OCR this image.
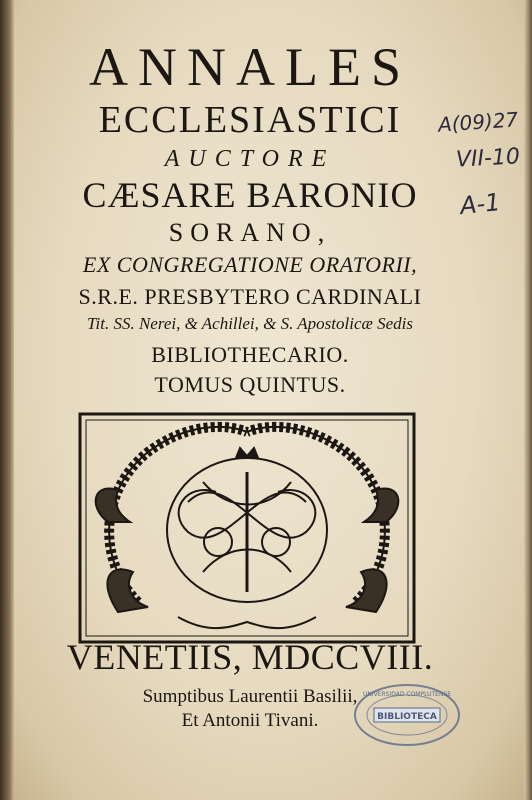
ANNALES
ECCLESIASTICI
AUCTORE
CÆSARE BARONIO
SORANO,
EX CONGREGATIONE ORATORII,
S.R.E. PRESBYTERO CARDINALI
Tit. SS. Nerei, & Achillei, & S. Apostolicæ Sedis
BIBLIOTHECARIO.
TOMUS QUINTUS.
A(09)27
VII-10
A-1
VENETIIS, MDCCVIII.
Sumptibus Laurentii Basilii,
Et Antonii Tivani.
UNIVERSIDAD COMPLUTENSE
BIBLIOTECA
